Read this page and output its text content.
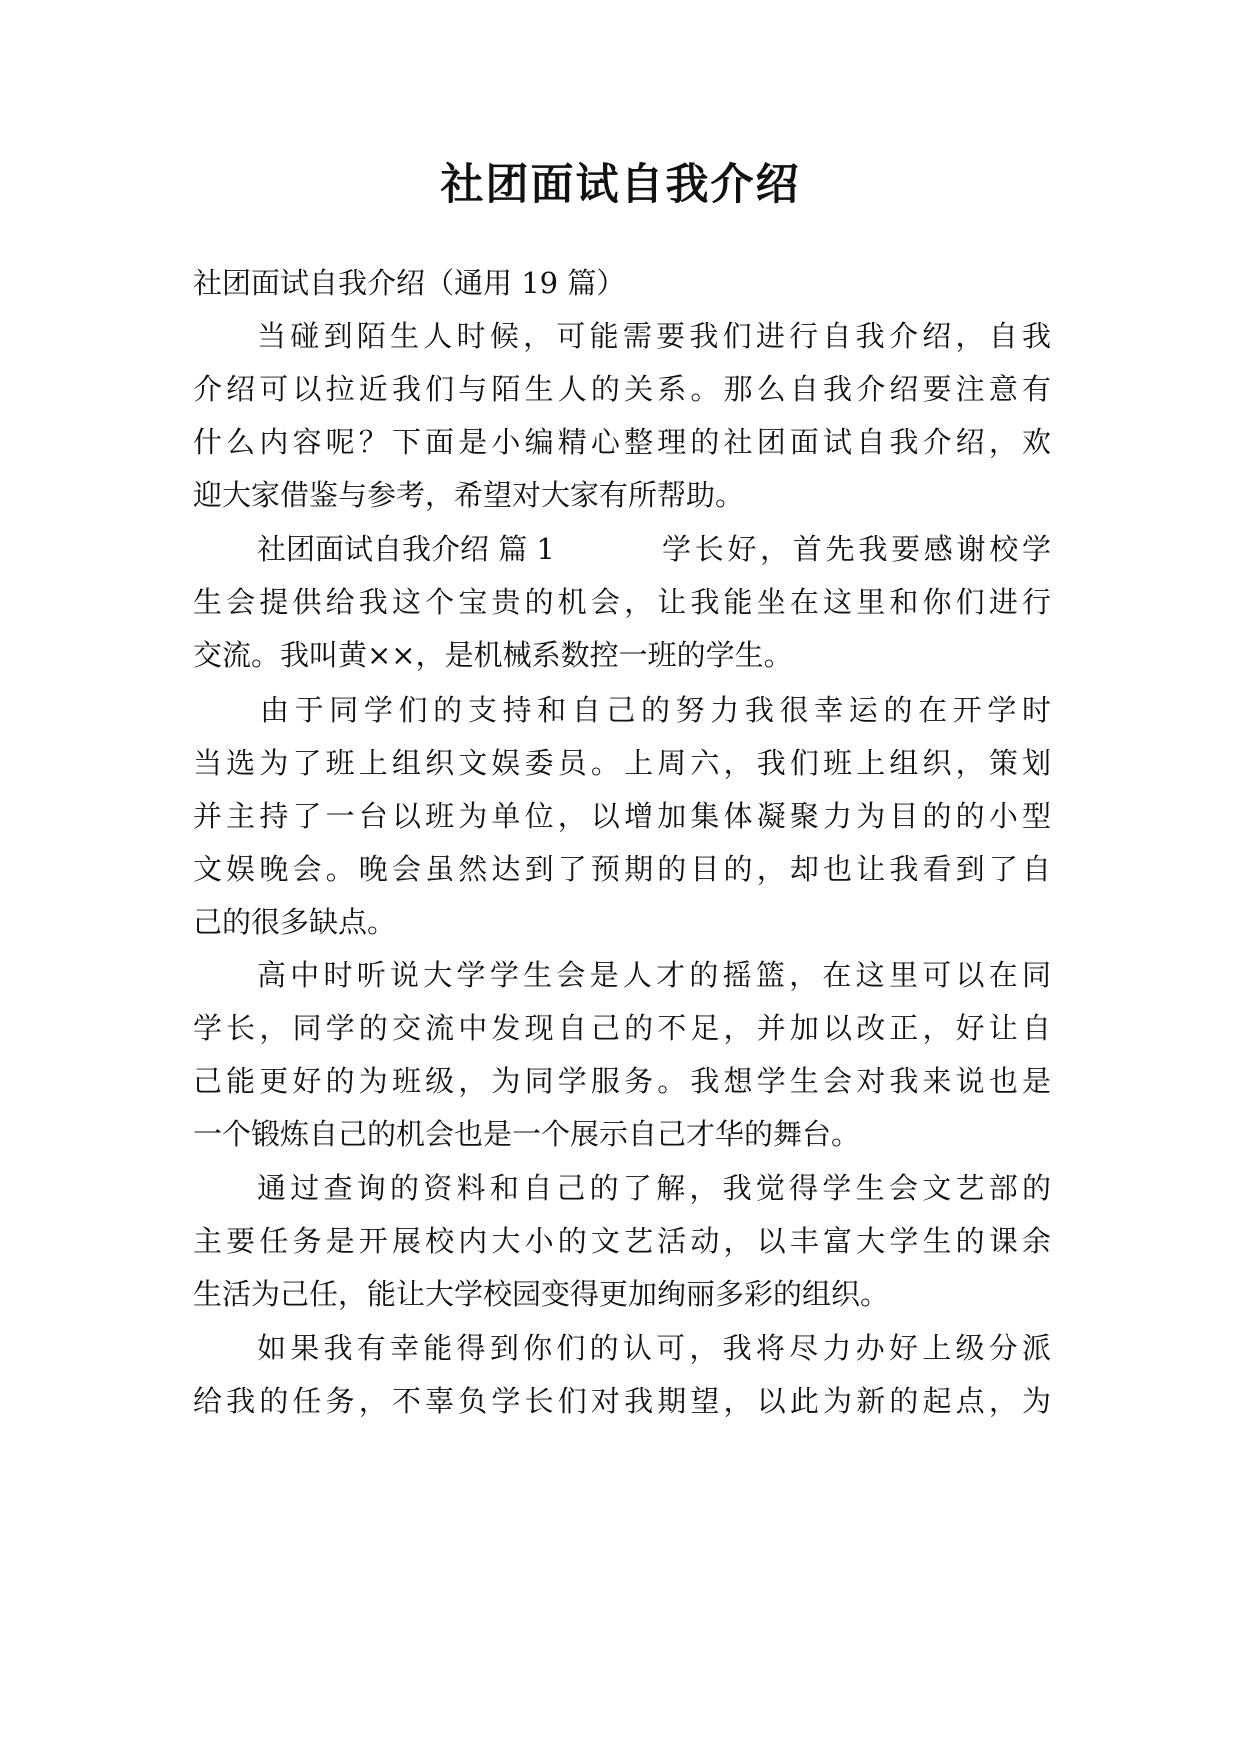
社团面试自我介绍
社团面试自我介绍（通用 19 篇）
当碰到陌生人时候，可能需要我们进行自我介绍，自我
介绍可以拉近我们与陌生人的关系。那么自我介绍要注意有
什么内容呢？下面是小编精心整理的社团面试自我介绍，欢
迎大家借鉴与参考，希望对大家有所帮助。
社团面试自我介绍 篇 1	学长好，首先我要感谢校学
生会提供给我这个宝贵的机会，让我能坐在这里和你们进行
交流。我叫黄××，是机械系数控一班的学生。
由于同学们的支持和自己的努力我很幸运的在开学时
当选为了班上组织文娱委员。上周六，我们班上组织，策划
并主持了一台以班为单位，以增加集体凝聚力为目的的小型
文娱晚会。晚会虽然达到了预期的目的，却也让我看到了自
己的很多缺点。
高中时听说大学学生会是人才的摇篮，在这里可以在同
学长，同学的交流中发现自己的不足，并加以改正，好让自
己能更好的为班级，为同学服务。我想学生会对我来说也是
一个锻炼自己的机会也是一个展示自己才华的舞台。
通过查询的资料和自己的了解，我觉得学生会文艺部的
主要任务是开展校内大小的文艺活动，以丰富大学生的课余
生活为己任，能让大学校园变得更加绚丽多彩的组织。
如果我有幸能得到你们的认可，我将尽力办好上级分派
给我的任务，不辜负学长们对我期望，以此为新的起点，为
